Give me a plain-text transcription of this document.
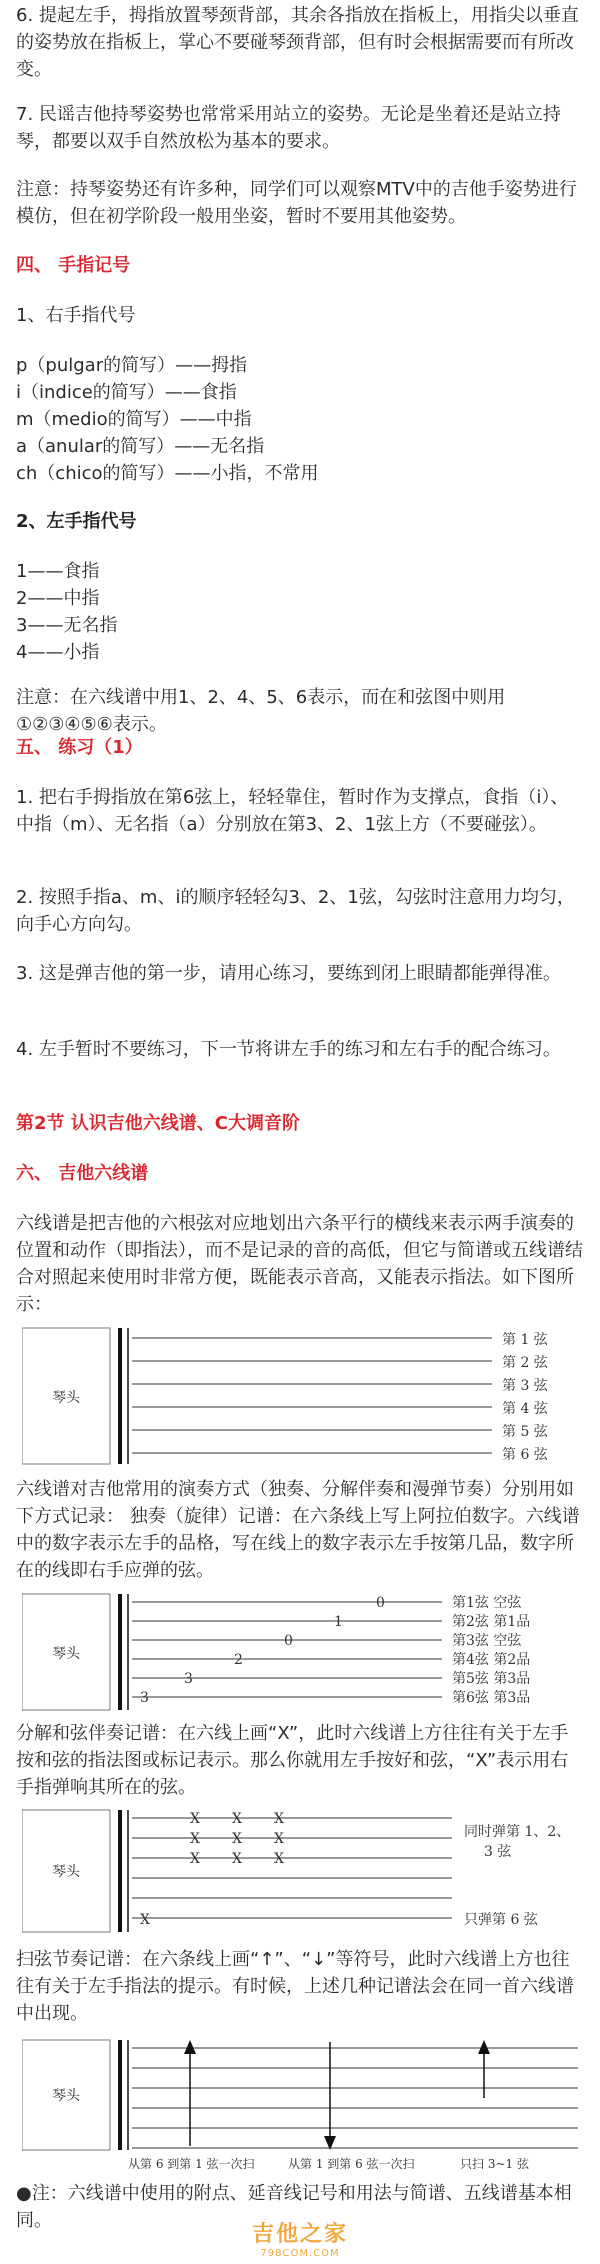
6. 提起左手，拇指放置琴颈背部，其余各指放在指板上，用指尖以垂直的姿势放在指板上，掌心不要碰琴颈背部，但有时会根据需要而有所改变。

7. 民谣吉他持琴姿势也常常采用站立的姿势。无论是坐着还是站立持琴，都要以双手自然放松为基本的要求。

注意：持琴姿势还有许多种，同学们可以观察MTV中的吉他手姿势进行模仿，但在初学阶段一般用坐姿，暂时不要用其他姿势。

四、 手指记号

1、右手指代号

p（pulgar的简写）——拇指

i（indice的简写）——食指

m（medio的简写）——中指

a（anular的简写）——无名指

ch（chico的简写）——小指，不常用

2、左手指代号

1——食指

2——中指

3——无名指

4——小指

注意：在六线谱中用1、2、4、5、6表示，而在和弦图中则用①②③④⑤⑥表示。

五、 练习（1）

1. 把右手拇指放在第6弦上，轻轻靠住，暂时作为支撑点，食指（i）、中指（m）、无名指（a）分别放在第3、2、1弦上方（不要碰弦）。

2. 按照手指a、m、i的顺序轻轻勾3、2、1弦，勾弦时注意用力均匀，向手心方向勾。

3. 这是弹吉他的第一步，请用心练习，要练到闭上眼睛都能弹得准。

4. 左手暂时不要练习，下一节将讲左手的练习和左右手的配合练习。

第2节 认识吉他六线谱、C大调音阶

六、 吉他六线谱

六线谱是把吉他的六根弦对应地划出六条平行的横线来表示两手演奏的位置和动作（即指法），而不是记录的音的高低，但它与简谱或五线谱结合对照起来使用时非常方便，既能表示音高，又能表示指法。如下图所示：

琴头
第 1 弦
第 2 弦
第 3 弦
第 4 弦
第 5 弦
第 6 弦

六线谱对吉他常用的演奏方式（独奏、分解伴奏和漫弹节奏）分别用如下方式记录： 独奏（旋律）记谱：在六条线上写上阿拉伯数字。六线谱中的数字表示左手的品格，写在线上的数字表示左手按第几品，数字所在的线即右手应弹的弦。

琴头
0
1
0
2
3
3
第1弦 空弦
第2弦 第1品
第3弦 空弦
第4弦 第2品
第5弦 第3品
第6弦 第3品

分解和弦伴奏记谱：在六线上画“X”，此时六线谱上方往往有关于左手按和弦的指法图或标记表示。那么你就用左手按好和弦，“X”表示用右手指弹响其所在的弦。

琴头
X X X
X X X
X X X
X
同时弹第 1、2、
3 弦
只弹第 6 弦

扫弦节奏记谱：在六条线上画“↑”、“↓”等符号，此时六线谱上方也往往有关于左手指法的提示。有时候，上述几种记谱法会在同一首六线谱中出现。

琴头
从第 6 到第 1 弦一次扫	从第 1 到第 6 弦一次扫	只扫 3~1 弦

●注：六线谱中使用的附点、延音线记号和用法与简谱、五线谱基本相同。

吉他之家
798COM.COM
